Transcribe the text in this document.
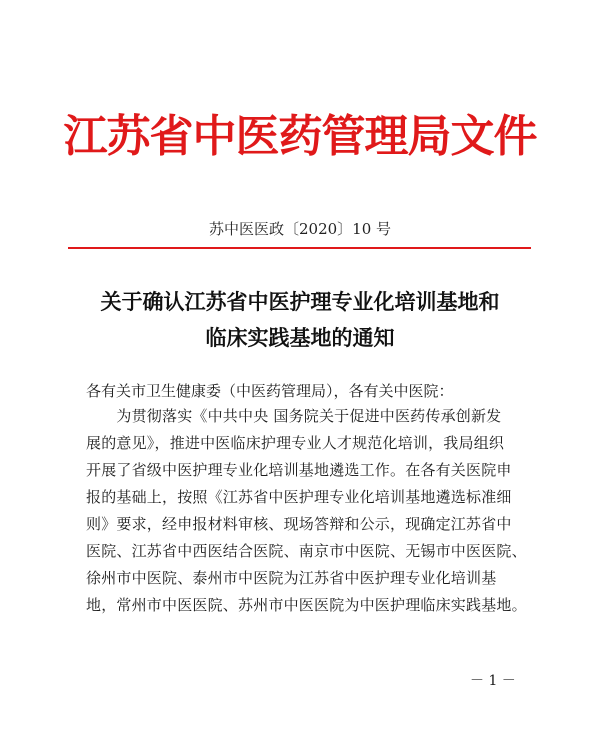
江苏省中医药管理局文件
苏中医医政〔2020〕10 号
关于确认江苏省中医护理专业化培训基地和
临床实践基地的通知
各有关市卫生健康委（中医药管理局），各有关中医院：
　　为贯彻落实《中共中央 国务院关于促进中医药传承创新发
展的意见》，推进中医临床护理专业人才规范化培训，我局组织
开展了省级中医护理专业化培训基地遴选工作。在各有关医院申
报的基础上，按照《江苏省中医护理专业化培训基地遴选标准细
则》要求，经申报材料审核、现场答辩和公示，现确定江苏省中
医院、江苏省中西医结合医院、南京市中医院、无锡市中医医院、
徐州市中医院、泰州市中医院为江苏省中医护理专业化培训基
地，常州市中医医院、苏州市中医医院为中医护理临床实践基地。
－ 1 －
